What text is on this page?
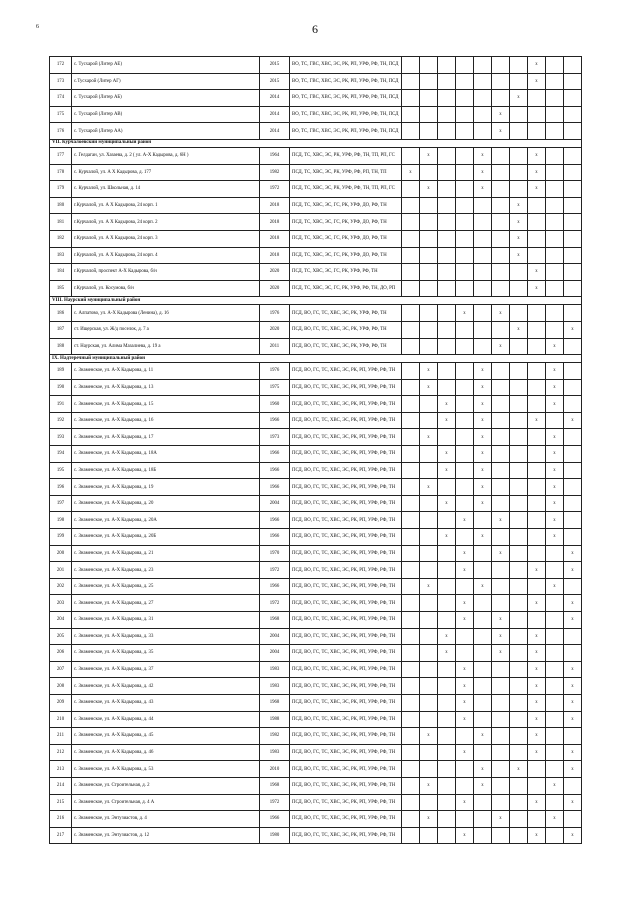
6	6
172	с. Тусхарой (Литер АЕ)	2015	ВО, ТС, ГВС, ХВС, ЭС, РК, РП, УРФ, РФ, ТН, ПСД								x		
173	с.Тусхарой (Литер АГ)	2015	ВО, ТС, ГВС, ХВС, ЭС, РК, РП, УРФ, РФ, ТН, ПСД								x		
174	с. Тусхарой (Литер АБ)	2014	ВО, ТС, ГВС, ХВС, ЭС, РК, РП, УРФ, РФ, ТН, ПСД							x			
175	с. Тусхарой (Литер АВ)	2014	ВО, ТС, ГВС, ХВС, ЭС, РК, РП, УРФ, РФ, ТН, ПСД						x				
176	с. Тусхарой (Литер АА)	2014	ВО, ТС, ГВС, ХВС, ЭС, РК, РП, УРФ, РФ, ТН, ПСД						x				
VII. Курчалоевский муниципальный район													
177	с. Гелдаган, ул. Хазаева, д. 2 ( ул. А-Х Кадырова, д. 6Н )	1964	ПСД, ТС, ХВС, ЭС, РК, УРФ, РФ, ТН, ТП, РП, ГС		x			x			x		
178	с. Курчалой, ул. А Х Кадырова, д. 177	1982	ПСД, ТС, ХВС, ЭС, РК, УРФ, РФ, РП, ТН, ТП	x				x			x		
179	с. Курчалой, ул. Школьная, д. 14	1972	ПСД, ТС, ХВС, ЭС, РК, УРФ, РФ, ТН, ТП, РП, ГС		x			x			x		
180	г.Курчалой, ул. А Х Кадырова, 24 корп. 1	2018	ПСД, ТС, ХВС, ЭС, ГС, РК, УРФ, ДО, РФ, ТН							x			
181	г.Курчалой, ул. А Х Кадырова, 24 корп. 2	2018	ПСД, ТС, ХВС, ЭС, ГС, РК, УРФ, ДО, РФ, ТН							x			
182	г.Курчалой, ул. А Х Кадырова, 24 корп. 3	2018	ПСД, ТС, ХВС, ЭС, ГС, РК, УРФ, ДО, РФ, ТН							x			
183	г.Курчалой, ул. А Х Кадырова, 24 корп. 4	2018	ПСД, ТС, ХВС, ЭС, ГС, РК, УРФ, ДО, РФ, ТН							x			
184	г.Курчалой, проспект А-Х Кадырова, б/н	2020	ПСД, ТС, ХВС, ЭС, ГС, РК, УРФ, РФ, ТН								x		
185	г.Курчалой, ул. Косумова, б/н	2020	ПСД, ТС, ХВС, ЭС, ГС, РК, УРФ, РФ, ТН, ДО, РП								x		
VIII. Наурский муниципальный район													
186	с. Алпатово, ул. А-Х Кадырова (Ленина), д. 16	1976	ПСД, ВО, ГС, ТС, ХВС, ЭС, РК, УРФ, РФ, ТН				x		x				
187	ст. Ищерская, ул. Ж/д поселок, д. 7 а	2020	ПСД, ВО, ГС, ТС, ХВС, ЭС, РК, УРФ, РФ, ТН							x			x
188	ст. Наурская, ул. Алима Мазалиева, д. 19 а	2011	ПСД, ВО, ГС, ТС, ХВС, ЭС, РК, УРФ, РФ, ТН						x			x	
IX. Надтеречный муниципальный район													
189	с. Знаменское, ул. А-Х Кадырова, д. 11	1976	ПСД, ВО, ГС, ТС, ХВС, ЭС, РК, РП, УРФ, РФ, ТН		x			x				x	
190	с. Знаменское, ул. А-Х Кадырова, д. 13	1975	ПСД, ВО, ГС, ТС, ХВС, ЭС, РК, РП, УРФ, РФ, ТН		x			x				x	
191	с. Знаменское, ул. А-Х Кадырова, д. 15	1960	ПСД, ВО, ГС, ТС, ХВС, ЭС, РК, РП, УРФ, РФ, ТН			x		x				x	
192	с. Знаменское, ул. А-Х Кадырова, д. 16	1966	ПСД, ВО, ГС, ТС, ХВС, ЭС, РК, РП, УРФ, РФ, ТН			x		x			x		x
193	с. Знаменское, ул. А-Х Кадырова, д. 17	1973	ПСД, ВО, ГС, ТС, ХВС, ЭС, РК, РП, УРФ, РФ, ТН		x			x				x	
194	с. Знаменское, ул. А-Х Кадырова, д. 18А	1966	ПСД, ВО, ГС, ТС, ХВС, ЭС, РК, РП, УРФ, РФ, ТН			x		x				x	
195	с. Знаменское, ул. А-Х Кадырова, д. 18Б	1966	ПСД, ВО, ГС, ТС, ХВС, ЭС, РК, РП, УРФ, РФ, ТН			x		x				x	
196	с. Знаменское, ул. А-Х Кадырова, д. 19	1966	ПСД, ВО, ГС, ТС, ХВС, ЭС, РК, РП, УРФ, РФ, ТН		x			x				x	
197	с. Знаменское, ул. А-Х Кадырова, д. 20	2004	ПСД, ВО, ГС, ТС, ХВС, ЭС, РК, РП, УРФ, РФ, ТН			x		x				x	
198	с. Знаменское, ул. А-Х Кадырова, д. 20А	1966	ПСД, ВО, ГС, ТС, ХВС, ЭС, РК, РП, УРФ, РФ, ТН				x		x			x	
199	с. Знаменское, ул. А-Х Кадырова, д. 20Б	1966	ПСД, ВО, ГС, ТС, ХВС, ЭС, РК, РП, УРФ, РФ, ТН			x		x				x	
200	с. Знаменское, ул. А-Х Кадырова, д. 21	1970	ПСД, ВО, ГС, ТС, ХВС, ЭС, РК, РП, УРФ, РФ, ТН				x		x				x
201	с. Знаменское, ул. А-Х Кадырова, д. 23	1972	ПСД, ВО, ГС, ТС, ХВС, ЭС, РК, РП, УРФ, РФ, ТН				x				x		x
202	с. Знаменское, ул. А-Х Кадырова, д. 25	1966	ПСД, ВО, ГС, ТС, ХВС, ЭС, РК, РП, УРФ, РФ, ТН		x			x				x	
203	с. Знаменское, ул. А-Х Кадырова, д. 27	1972	ПСД, ВО, ГС, ТС, ХВС, ЭС, РК, РП, УРФ, РФ, ТН				x				x		x
204	с. Знаменское, ул. А-Х Кадырова, д. 31	1968	ПСД, ВО, ГС, ТС, ХВС, ЭС, РК, РП, УРФ, РФ, ТН				x		x				x
205	с. Знаменское, ул. А-Х Кадырова, д. 33	2004	ПСД, ВО, ГС, ТС, ХВС, ЭС, РК, РП, УРФ, РФ, ТН			x			x		x		
206	с. Знаменское, ул. А-Х Кадырова, д. 35	2004	ПСД, ВО, ГС, ТС, ХВС, ЭС, РК, РП, УРФ, РФ, ТН			x			x		x		
207	с. Знаменское, ул. А-Х Кадырова, д. 37	1983	ПСД, ВО, ГС, ТС, ХВС, ЭС, РК, РП, УРФ, РФ, ТН				x				x		x
208	с. Знаменское, ул. А-Х Кадырова, д. 42	1983	ПСД, ВО, ГС, ТС, ХВС, ЭС, РК, РП, УРФ, РФ, ТН				x				x		x
209	с. Знаменское, ул. А-Х Кадырова, д. 43	1968	ПСД, ВО, ГС, ТС, ХВС, ЭС, РК, РП, УРФ, РФ, ТН				x				x		x
210	с. Знаменское, ул. А-Х Кадырова, д. 44	1988	ПСД, ВО, ГС, ТС, ХВС, ЭС, РК, РП, УРФ, РФ, ТН				x				x		x
211	с. Знаменское, ул. А-Х Кадырова, д. 45	1982	ПСД, ВО, ГС, ТС, ХВС, ЭС, РК, РП, УРФ, РФ, ТН		x			x			x		
212	с. Знаменское, ул. А-Х Кадырова, д. 46	1983	ПСД, ВО, ГС, ТС, ХВС, ЭС, РК, РП, УРФ, РФ, ТН				x				x		x
213	с. Знаменское, ул. А-Х Кадырова, д. 53	2010	ПСД, ВО, ГС, ТС, ХВС, ЭС, РК, РП, УРФ, РФ, ТН					x		x			x
214	с. Знаменское, ул. Строительная, д. 2	1968	ПСД, ВО, ГС, ТС, ХВС, ЭС, РК, РП, УРФ, РФ, ТН		x			x				x	
215	с. Знаменское, ул. Строительная, д. 4 А	1972	ПСД, ВО, ГС, ТС, ХВС, ЭС, РК, РП, УРФ, РФ, ТН				x				x		x
216	с. Знаменское, ул. Энтузиастов, д. 4	1966	ПСД, ВО, ГС, ТС, ХВС, ЭС, РК, РП, УРФ, РФ, ТН		x				x			x	
217	с. Знаменское, ул. Энтузиастов, д. 12	1980	ПСД, ВО, ГС, ТС, ХВС, ЭС, РК, РП, УРФ, РФ, ТН				x				x		x
